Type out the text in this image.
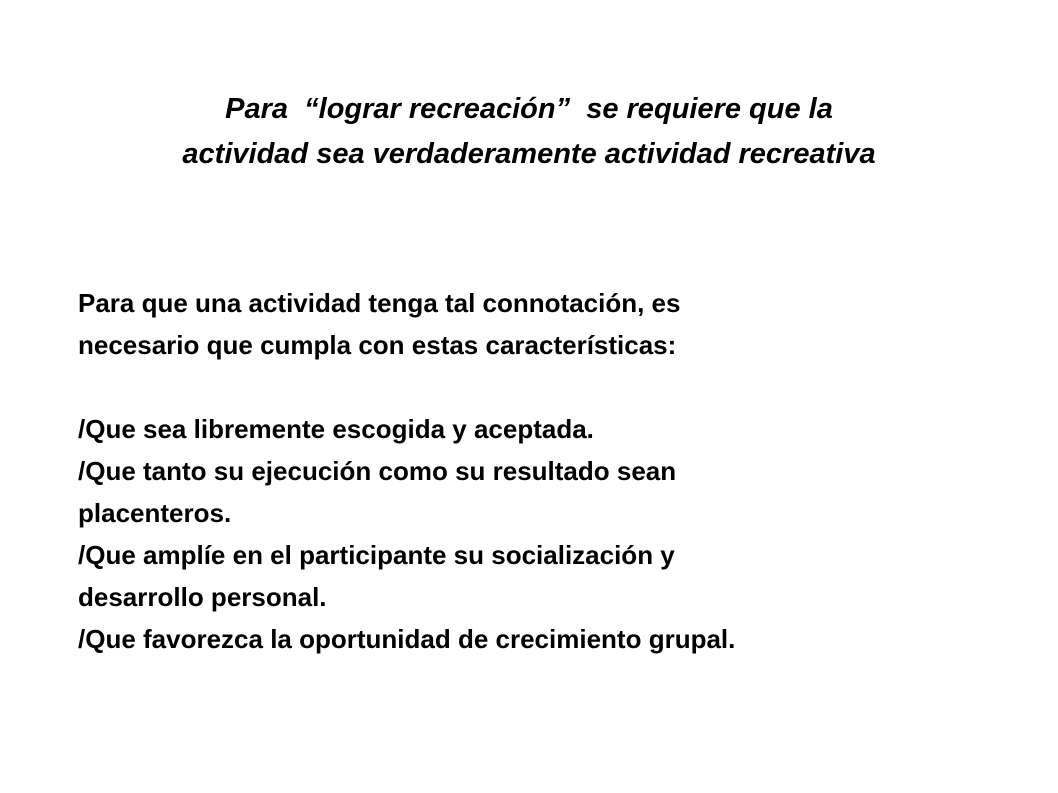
Para  “lograr recreación”  se requiere que la
actividad sea verdaderamente actividad recreativa

Para que una actividad tenga tal connotación, es

necesario que cumpla con estas características:

/Que sea libremente escogida y aceptada.

/Que tanto su ejecución como su resultado sean

placenteros.

/Que amplíe en el participante su socialización y

desarrollo personal.

/Que favorezca la oportunidad de crecimiento grupal.
